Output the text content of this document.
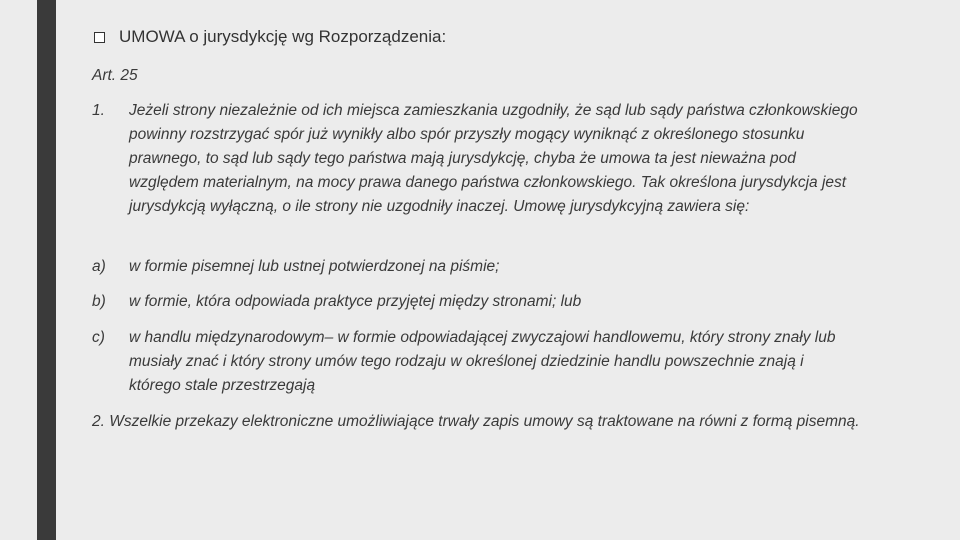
UMOWA o jurysdykcję wg Rozporządzenia:
Art. 25
1.	Jeżeli strony niezależnie od ich miejsca zamieszkania uzgodniły, że sąd lub sądy państwa członkowskiego powinny rozstrzygać spór już wynikły albo spór przyszły mogący wyniknąć z określonego stosunku prawnego, to sąd lub sądy tego państwa mają jurysdykcję, chyba że umowa ta jest nieważna pod względem materialnym, na mocy prawa danego państwa członkowskiego. Tak określona jurysdykcja jest jurysdykcją wyłączną, o ile strony nie uzgodniły inaczej. Umowę jurysdykcyjną zawiera się:
a)	w formie pisemnej lub ustnej potwierdzonej na piśmie;
b)	w formie, która odpowiada praktyce przyjętej między stronami; lub
c)	w handlu międzynarodowym– w formie odpowiadającej zwyczajowi handlowemu, który strony znały lub musiały znać i który strony umów tego rodzaju w określonej dziedzinie handlu powszechnie znają i którego stale przestrzegają
2. Wszelkie przekazy elektroniczne umożliwiające trwały zapis umowy są traktowane na równi z formą pisemną.
